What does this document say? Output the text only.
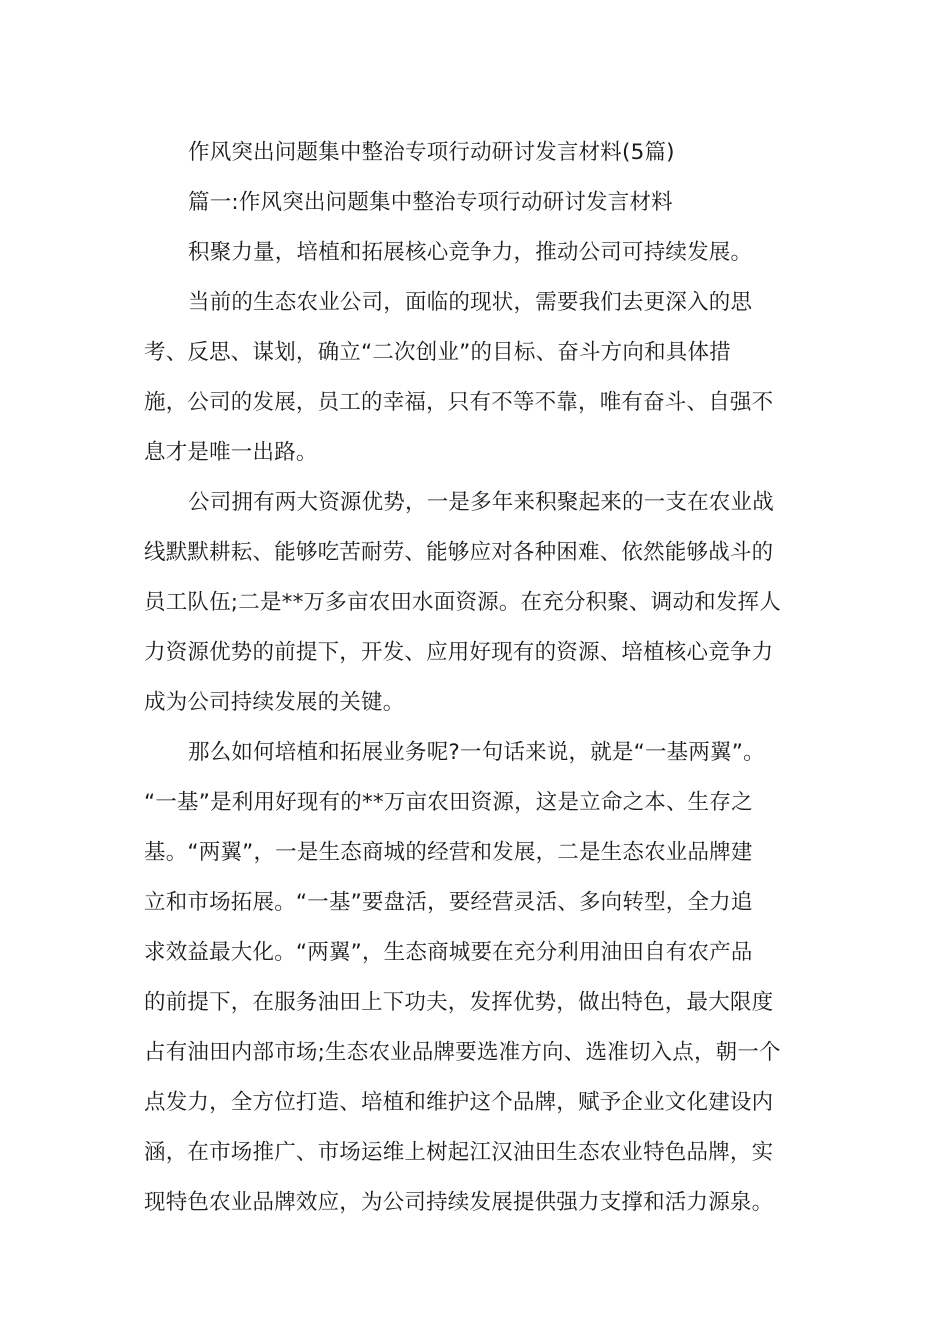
作风突出问题集中整治专项行动研讨发言材料(5篇)
篇一:作风突出问题集中整治专项行动研讨发言材料
积聚力量，培植和拓展核心竞争力，推动公司可持续发展。
当前的生态农业公司，面临的现状，需要我们去更深入的思
考、反思、谋划，确立“二次创业”的目标、奋斗方向和具体措
施，公司的发展，员工的幸福，只有不等不靠，唯有奋斗、自强不
息才是唯一出路。
公司拥有两大资源优势，一是多年来积聚起来的一支在农业战
线默默耕耘、能够吃苦耐劳、能够应对各种困难、依然能够战斗的
员工队伍;二是**万多亩农田水面资源。在充分积聚、调动和发挥人
力资源优势的前提下，开发、应用好现有的资源、培植核心竞争力
成为公司持续发展的关键。
那么如何培植和拓展业务呢?一句话来说，就是“一基两翼”。
“一基”是利用好现有的**万亩农田资源，这是立命之本、生存之
基。“两翼”，一是生态商城的经营和发展，二是生态农业品牌建
立和市场拓展。“一基”要盘活，要经营灵活、多向转型，全力追
求效益最大化。“两翼”，生态商城要在充分利用油田自有农产品
的前提下，在服务油田上下功夫，发挥优势，做出特色，最大限度
占有油田内部市场;生态农业品牌要选准方向、选准切入点，朝一个
点发力，全方位打造、培植和维护这个品牌，赋予企业文化建设内
涵，在市场推广、市场运维上树起江汉油田生态农业特色品牌，实
现特色农业品牌效应，为公司持续发展提供强力支撑和活力源泉。
